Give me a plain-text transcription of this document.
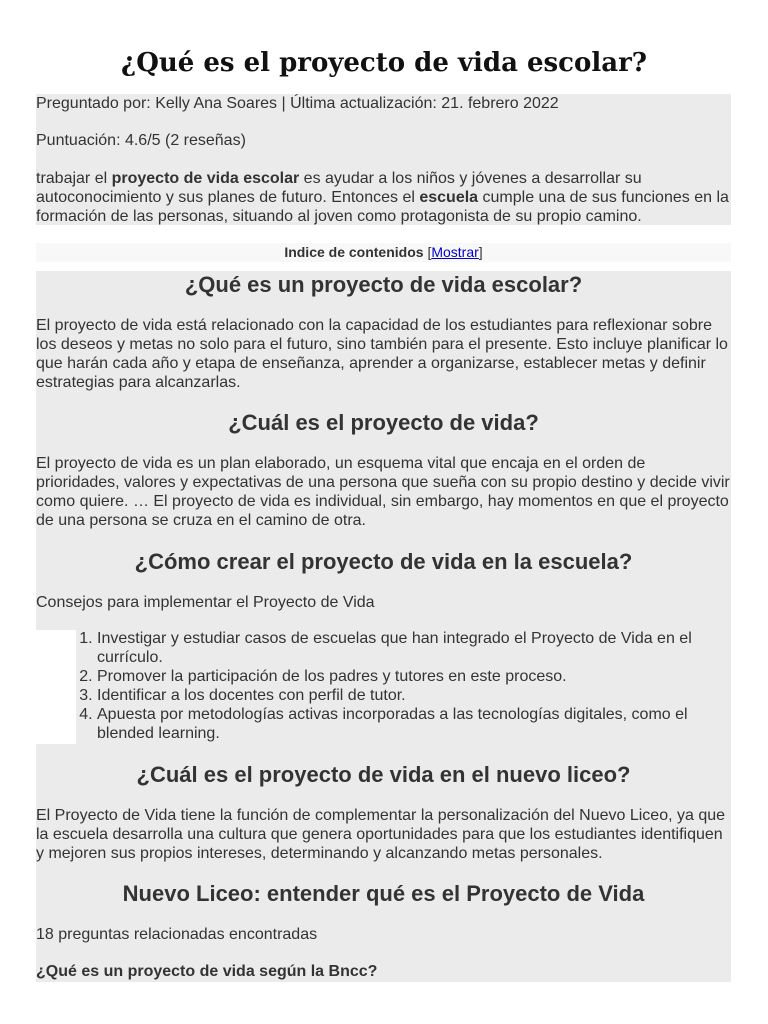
¿Qué es el proyecto de vida escolar?

Preguntado por: Kelly Ana Soares | Última actualización: 21. febrero 2022

Puntuación: 4.6/5 (2 reseñas)

trabajar el proyecto de vida escolar es ayudar a los niños y jóvenes a desarrollar su autoconocimiento y sus planes de futuro. Entonces el escuela cumple una de sus funciones en la formación de las personas, situando al joven como protagonista de su propio camino.

Indice de contenidos [Mostrar]
¿Qué es un proyecto de vida escolar?

El proyecto de vida está relacionado con la capacidad de los estudiantes para reflexionar sobre los deseos y metas no solo para el futuro, sino también para el presente. Esto incluye planificar lo que harán cada año y etapa de enseñanza, aprender a organizarse, establecer metas y definir estrategias para alcanzarlas.

¿Cuál es el proyecto de vida?

El proyecto de vida es un plan elaborado, un esquema vital que encaja en el orden de prioridades, valores y expectativas de una persona que sueña con su propio destino y decide vivir como quiere. … El proyecto de vida es individual, sin embargo, hay momentos en que el proyecto de una persona se cruza en el camino de otra.

¿Cómo crear el proyecto de vida en la escuela?

Consejos para implementar el Proyecto de Vida

1. Investigar y estudiar casos de escuelas que han integrado el Proyecto de Vida en el currículo.
2. Promover la participación de los padres y tutores en este proceso.
3. Identificar a los docentes con perfil de tutor.
4. Apuesta por metodologías activas incorporadas a las tecnologías digitales, como el blended learning.
¿Cuál es el proyecto de vida en el nuevo liceo?

El Proyecto de Vida tiene la función de complementar la personalización del Nuevo Liceo, ya que la escuela desarrolla una cultura que genera oportunidades para que los estudiantes identifiquen y mejoren sus propios intereses, determinando y alcanzando metas personales.

Nuevo Liceo: entender qué es el Proyecto de Vida

18 preguntas relacionadas encontradas

¿Qué es un proyecto de vida según la Bncc?
